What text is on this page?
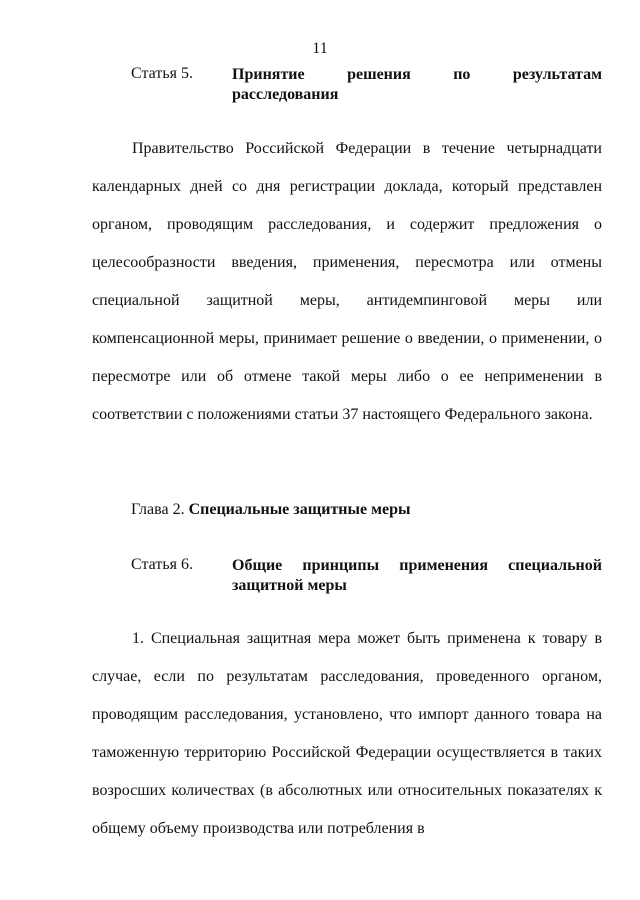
11
Статья 5. Принятие решения по результатам
расследования
Правительство Российской Федерации в течение четырнадцати календарных дней со дня регистрации доклада, который представлен органом, проводящим расследования, и содержит предложения о целесообразности введения, применения, пересмотра или отмены специальной защитной меры, антидемпинговой меры или компенсационной меры, принимает решение о введении, о применении, о пересмотре или об отмене такой меры либо о ее неприменении в соответствии с положениями статьи 37 настоящего Федерального закона.
Глава 2. Специальные защитные меры
Статья 6. Общие принципы применения специальной
защитной меры
1. Специальная защитная мера может быть применена к товару в случае, если по результатам расследования, проведенного органом, проводящим расследования, установлено, что импорт данного товара на таможенную территорию Российской Федерации осуществляется в таких возросших количествах (в абсолютных или относительных показателях к общему объему производства или потребления в
